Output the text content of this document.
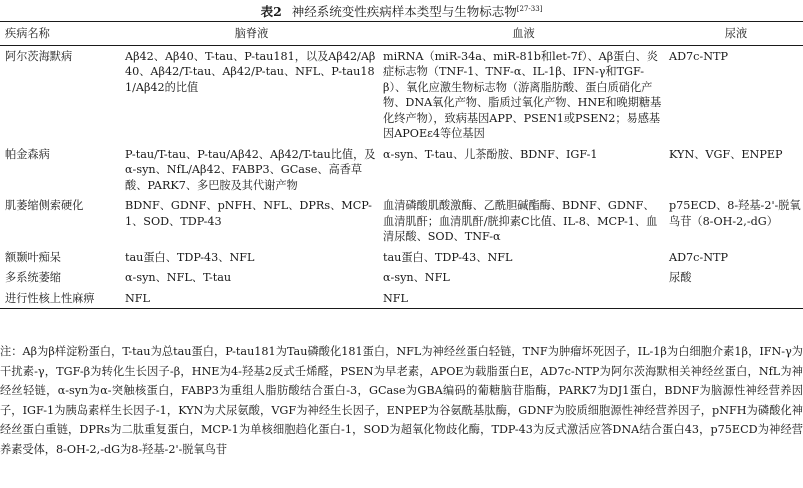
表2 神经系统变性疾病样本类型与生物标志物[27-33]
疾病名称	脑脊液	血液	尿液
阿尔茨海默病	Aβ42、Aβ40、T-tau、P-tau181，以及Aβ42/Aβ40、Aβ42/T-tau、Aβ42/P-tau、NFL、P-tau181/Aβ42的比值	miRNA（miR-34a、miR-81b和let-7f）、Aβ蛋白、炎症标志物（TNF-1、TNF-α、IL-1β、IFN-γ和TGF-β）、氧化应激生物标志物（游离脂肪酸、蛋白质硝化产物、DNA氧化产物、脂质过氧化产物、HNE和晚期糖基化终产物），致病基因APP、PSEN1或PSEN2；易感基因APOEε4等位基因	AD7c-NTP
帕金森病	P-tau/T-tau、P-tau/Aβ42、Aβ42/T-tau比值，及α-syn、NfL/Aβ42、FABP3、GCase、高香草酸、PARK7、多巴胺及其代谢产物	α-syn、T-tau、儿茶酚胺、BDNF、IGF-1	KYN、VGF、ENPEP
肌萎缩侧索硬化	BDNF、GDNF、pNFH、NFL、DPRs、MCP-1、SOD、TDP-43	血清磷酸肌酸激酶、乙酰胆碱酯酶、BDNF、GDNF、血清肌酐；血清肌酐/胱抑素C比值、IL-8、MCP-1、血清尿酸、SOD、TNF-α	p75ECD、8-羟基-2'-脱氧鸟苷（8-OH-2,-dG）
额颞叶痴呆	tau蛋白、TDP-43、NFL	tau蛋白、TDP-43、NFL	AD7c-NTP
多系统萎缩	α-syn、NFL、T-tau	α-syn、NFL	尿酸
进行性核上性麻痹	NFL	NFL	

注：Aβ为β样淀粉蛋白，T-tau为总tau蛋白，P-tau181为Tau磷酸化181蛋白，NFL为神经丝蛋白轻链，TNF为肿瘤坏死因子，IL-1β为白细胞介素1β，IFN-γ为干扰素-γ，TGF-β为转化生长因子-β，HNE为4-羟基2反式壬烯醛，PSEN为早老素，APOE为载脂蛋白E，AD7c-NTP为阿尔茨海默相关神经丝蛋白，NfL为神经丝轻链，α-syn为α-突触核蛋白，FABP3为重组人脂肪酸结合蛋白-3，GCase为GBA编码的葡糖脑苷脂酶，PARK7为DJ1蛋白，BDNF为脑源性神经营养因子，IGF-1为胰岛素样生长因子-1，KYN为犬尿氨酸，VGF为神经生长因子，ENPEP为谷氨酰基肽酶，GDNF为胶质细胞源性神经营养因子，pNFH为磷酸化神经丝蛋白重链，DPRs为二肽重复蛋白，MCP-1为单核细胞趋化蛋白-1，SOD为超氧化物歧化酶，TDP-43为反式激活应答DNA结合蛋白43，p75ECD为神经营养素受体，8-OH-2,-dG为8-羟基-2'-脱氧鸟苷
